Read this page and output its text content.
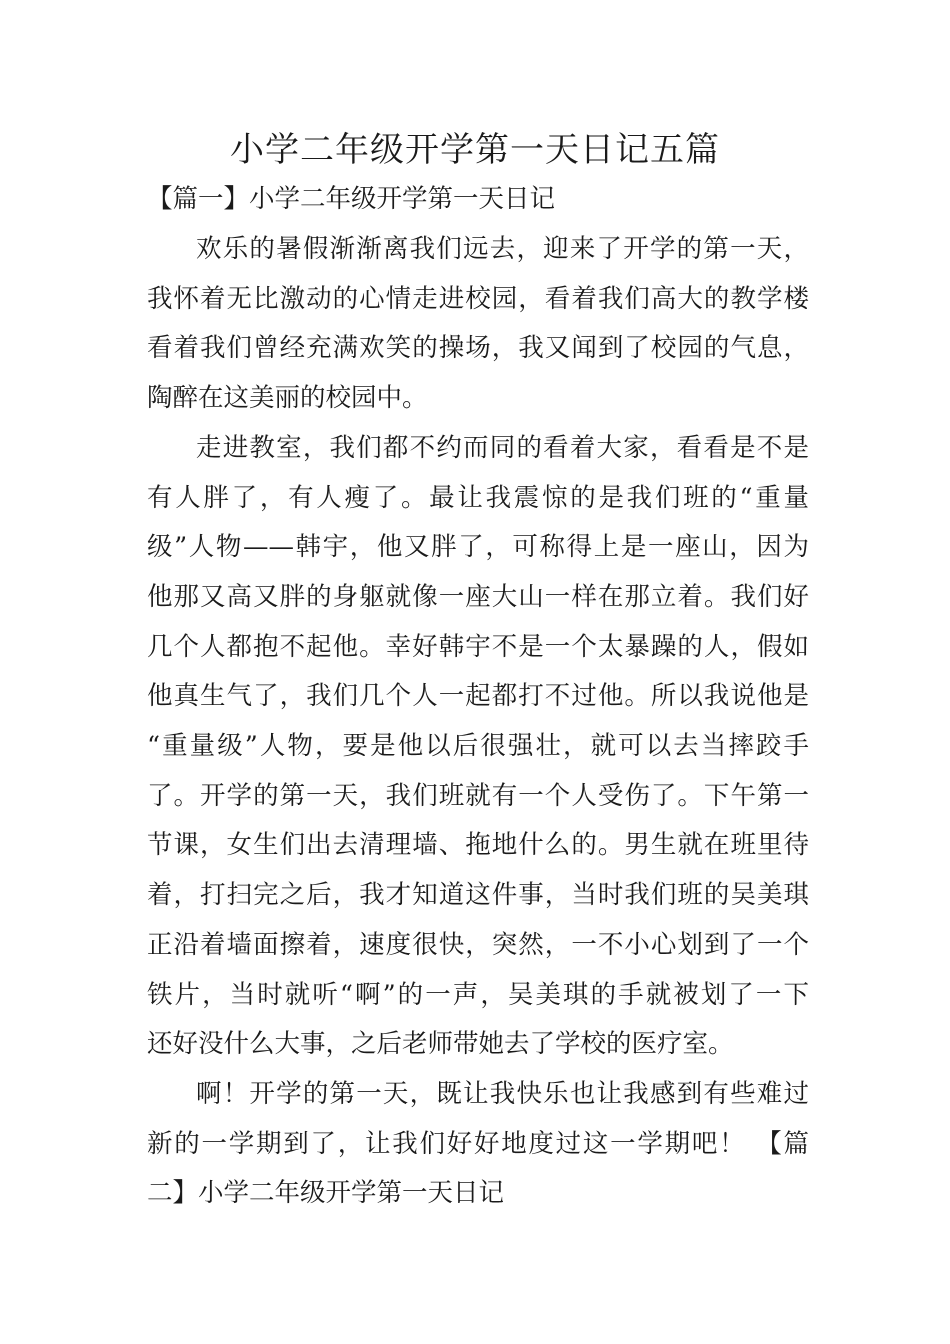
小学二年级开学第一天日记五篇
【篇一】小学二年级开学第一天日记
欢乐的暑假渐渐离我们远去，迎来了开学的第一天，
我怀着无比激动的心情走进校园，看着我们高大的教学楼
看着我们曾经充满欢笑的操场，我又闻到了校园的气息，
陶醉在这美丽的校园中。
走进教室，我们都不约而同的看着大家，看看是不是
有人胖了，有人瘦了。最让我震惊的是我们班的“重量
级”人物——韩宇，他又胖了，可称得上是一座山，因为
他那又高又胖的身躯就像一座大山一样在那立着。我们好
几个人都抱不起他。幸好韩宇不是一个太暴躁的人，假如
他真生气了，我们几个人一起都打不过他。所以我说他是
“重量级”人物，要是他以后很强壮，就可以去当摔跤手
了。开学的第一天，我们班就有一个人受伤了。下午第一
节课，女生们出去清理墙、拖地什么的。男生就在班里待
着，打扫完之后，我才知道这件事，当时我们班的吴美琪
正沿着墙面擦着，速度很快，突然，一不小心划到了一个
铁片，当时就听“啊”的一声，吴美琪的手就被划了一下
还好没什么大事，之后老师带她去了学校的医疗室。
啊！开学的第一天，既让我快乐也让我感到有些难过
新的一学期到了，让我们好好地度过这一学期吧！ 【篇
二】小学二年级开学第一天日记
